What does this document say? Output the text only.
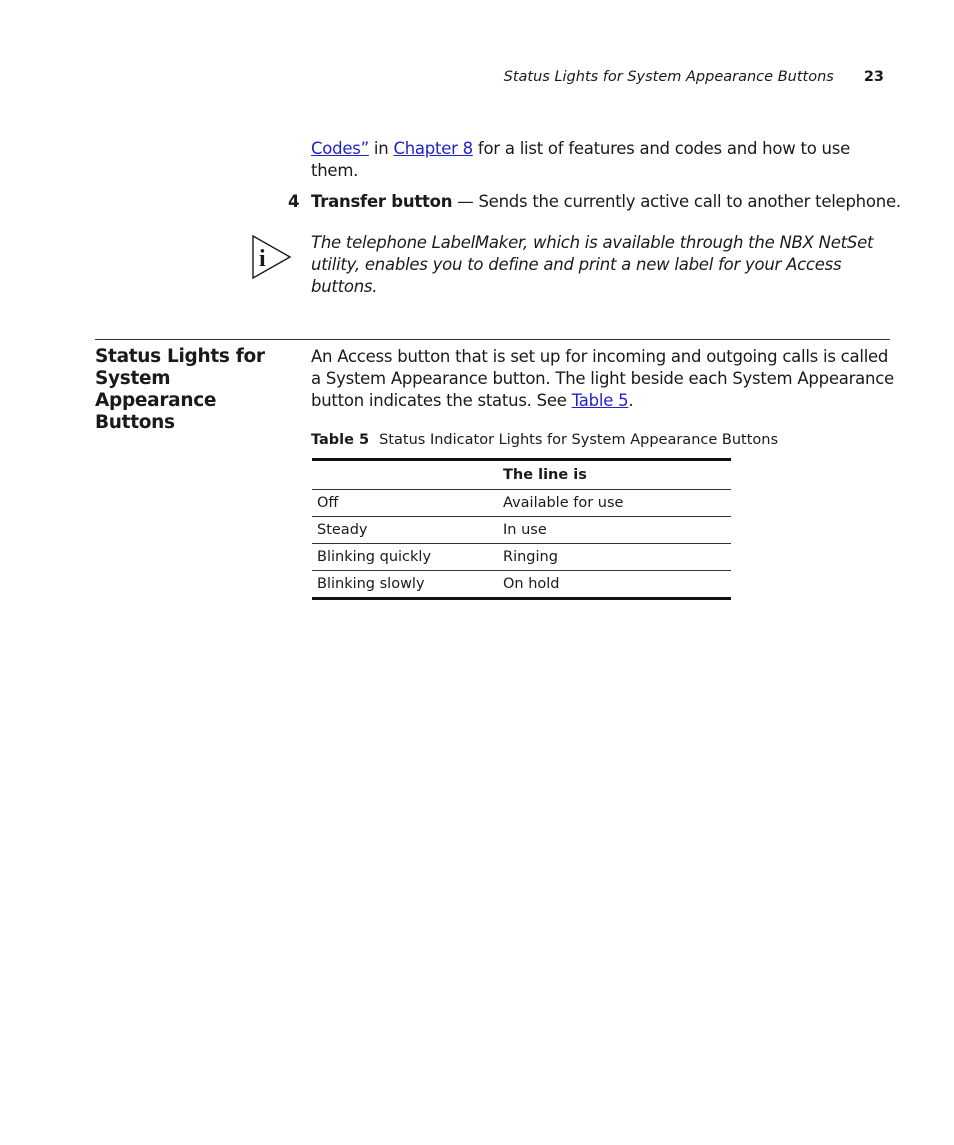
Status Lights for System Appearance Buttons 23

Codes” in Chapter 8 for a list of features and codes and how to use them.

4 Transfer button — Sends the currently active call to another telephone.

i

The telephone LabelMaker, which is available through the NBX NetSet utility, enables you to define and print a new label for your Access buttons.

Status Lights for System Appearance Buttons

An Access button that is set up for incoming and outgoing calls is called a System Appearance button. The light beside each System Appearance button indicates the status. See Table 5.

Table 5 Status Indicator Lights for System Appearance Buttons

	The line is
Off	Available for use
Steady	In use
Blinking quickly	Ringing
Blinking slowly	On hold
